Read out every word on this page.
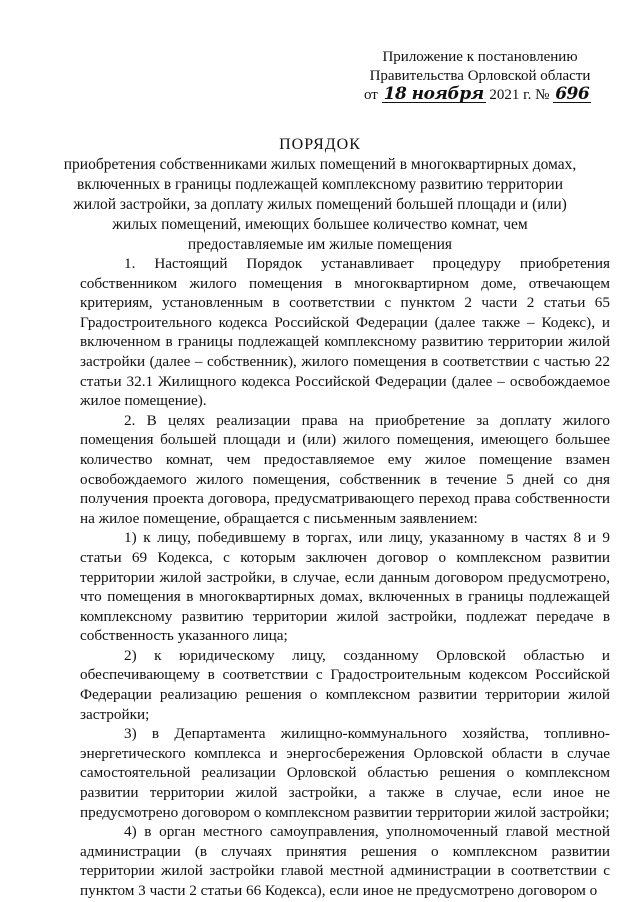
Приложение к постановлению
Правительства Орловской области
от 18 ноября 2021 г. № 696
ПОРЯДОК
приобретения собственниками жилых помещений в многоквартирных домах,
включенных в границы подлежащей комплексному развитию территории
жилой застройки, за доплату жилых помещений большей площади и (или)
жилых помещений, имеющих большее количество комнат, чем
предоставляемые им жилые помещения

1. Настоящий Порядок устанавливает процедуру приобретения собственником жилого помещения в многоквартирном доме, отвечающем критериям, установленным в соответствии с пунктом 2 части 2 статьи 65 Градостроительного кодекса Российской Федерации (далее также – Кодекс), и включенном в границы подлежащей комплексному развитию территории жилой застройки (далее – собственник), жилого помещения в соответствии с частью 22 статьи 32.1 Жилищного кодекса Российской Федерации (далее – освобождаемое жилое помещение).

2. В целях реализации права на приобретение за доплату жилого помещения большей площади и (или) жилого помещения, имеющего большее количество комнат, чем предоставляемое ему жилое помещение взамен освобождаемого жилого помещения, собственник в течение 5 дней со дня получения проекта договора, предусматривающего переход права собственности на жилое помещение, обращается с письменным заявлением:

1) к лицу, победившему в торгах, или лицу, указанному в частях 8 и 9 статьи 69 Кодекса, с которым заключен договор о комплексном развитии территории жилой застройки, в случае, если данным договором предусмотрено, что помещения в многоквартирных домах, включенных в границы подлежащей комплексному развитию территории жилой застройки, подлежат передаче в собственность указанного лица;

2) к юридическому лицу, созданному Орловской областью и обеспечивающему в соответствии с Градостроительным кодексом Российской Федерации реализацию решения о комплексном развитии территории жилой застройки;

3) в Департамента жилищно-коммунального хозяйства, топливно-энергетического комплекса и энергосбережения Орловской области в случае самостоятельной реализации Орловской областью решения о комплексном развитии территории жилой застройки, а также в случае, если иное не предусмотрено договором о комплексном развитии территории жилой застройки;

4) в орган местного самоуправления, уполномоченный главой местной администрации (в случаях принятия решения о комплексном развитии территории жилой застройки главой местной администрации в соответствии с пунктом 3 части 2 статьи 66 Кодекса), если иное не предусмотрено договором о
